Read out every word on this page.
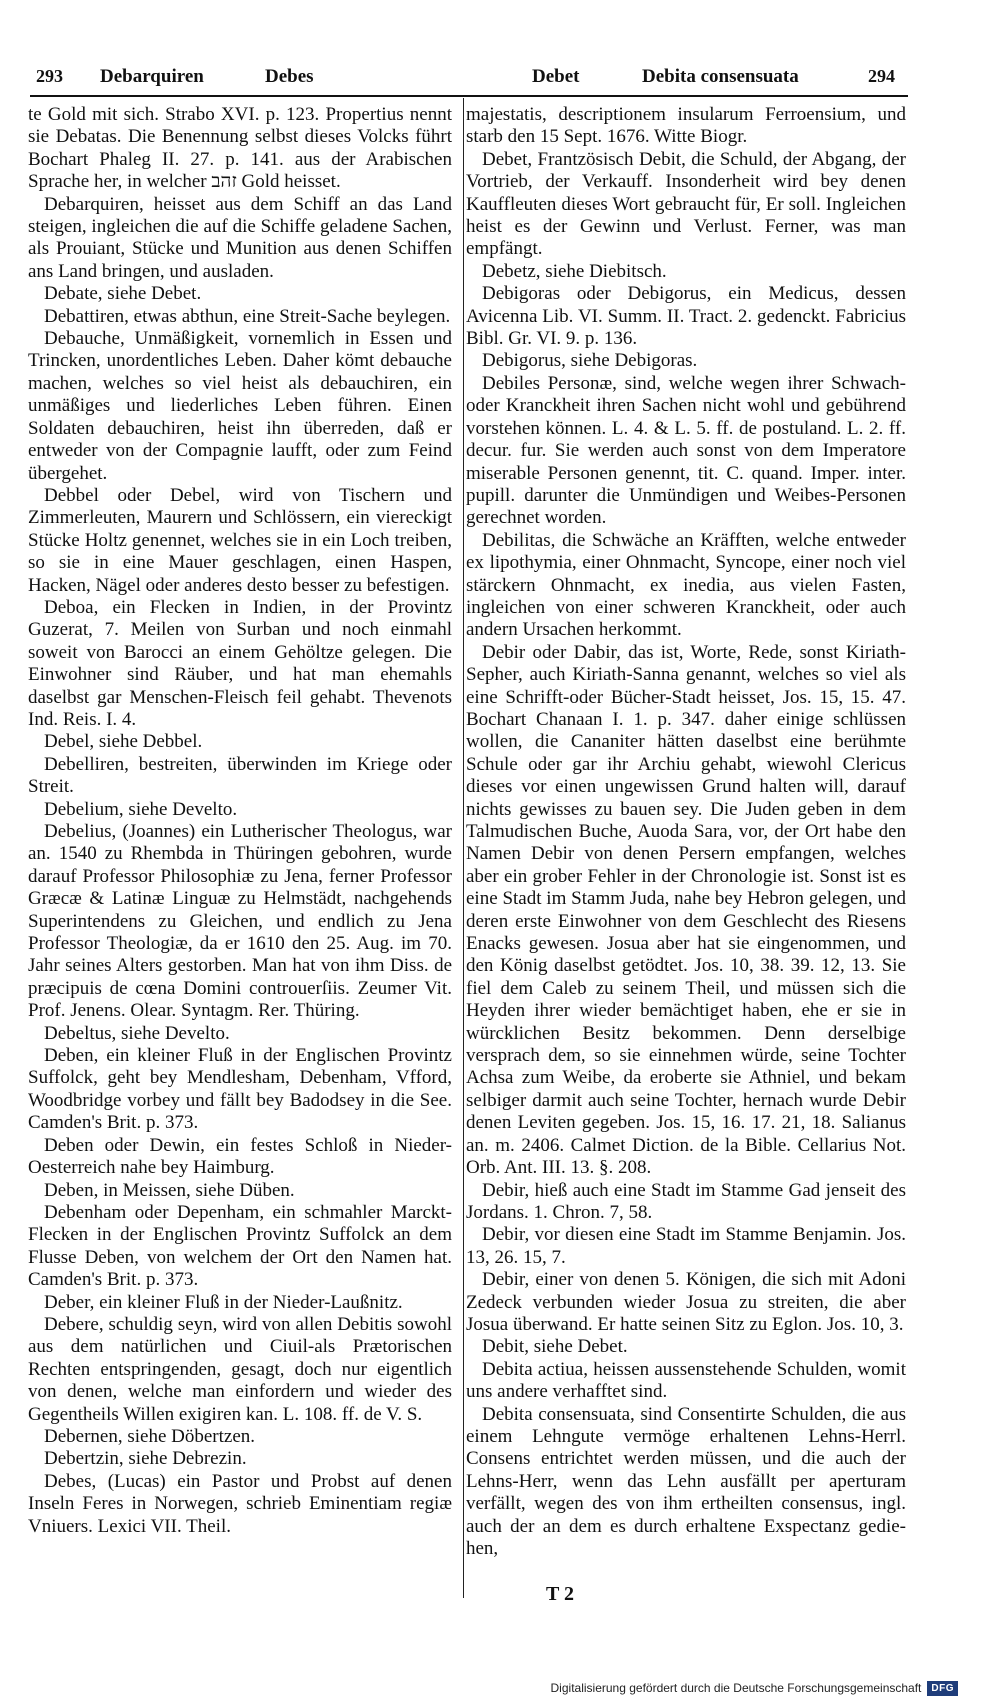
293 Debarquiren	Debes	Debet	Debita consensuata	294

te Gold mit sich. Strabo XVI. p. 123. Propertius nennt sie Debatas. Die Benennung selbst dieses Volcks führt Bochart Phaleg II. 27. p. 141. aus der Arabischen Sprache her, in welcher זהב Gold heisset.

Debarquiren, heisset aus dem Schiff an das Land steigen, ingleichen die auf die Schiffe geladene Sachen, als Prouiant, Stücke und Munition aus denen Schiffen ans Land bringen, und ausladen.

Debate, siehe Debet.

Debattiren, etwas abthun, eine Streit-Sache beylegen.

Debauche, Unmäßigkeit, vornemlich in Essen und Trincken, unordentliches Leben. Daher kömt debauche machen, welches so viel heist als debauchiren, ein unmäßiges und liederliches Leben führen. Einen Soldaten debauchiren, heist ihn überreden, daß er entweder von der Compagnie laufft, oder zum Feind übergehet.

Debbel oder Debel, wird von Tischern und Zimmerleuten, Maurern und Schlössern, ein viereckigt Stücke Holtz genennet, welches sie in ein Loch treiben, so sie in eine Mauer geschlagen, einen Haspen, Hacken, Nägel oder anderes desto besser zu befestigen.

Deboa, ein Flecken in Indien, in der Provintz Guzerat, 7. Meilen von Surban und noch einmahl soweit von Barocci an einem Gehöltze gelegen. Die Einwohner sind Räuber, und hat man ehemahls daselbst gar Menschen-Fleisch feil gehabt. Thevenots Ind. Reis. I. 4.

Debel, siehe Debbel.

Debelliren, bestreiten, überwinden im Kriege oder Streit.

Debelium, siehe Develto.

Debelius, (Joannes) ein Lutherischer Theologus, war an. 1540 zu Rhembda in Thüringen gebohren, wurde darauf Professor Philosophiæ zu Jena, ferner Professor Græcæ & Latinæ Linguæ zu Helmstädt, nachgehends Superintendens zu Gleichen, und endlich zu Jena Professor Theologiæ, da er 1610 den 25. Aug. im 70. Jahr seines Alters gestorben. Man hat von ihm Diss. de præcipuis de cœna Domini controuerſiis. Zeumer Vit. Prof. Jenens. Olear. Syntagm. Rer. Thüring.

Debeltus, siehe Develto.

Deben, ein kleiner Fluß in der Englischen Provintz Suffolck, geht bey Mendlesham, Debenham, Vfford, Woodbridge vorbey und fällt bey Badodsey in die See. Camden's Brit. p. 373.

Deben oder Dewin, ein festes Schloß in Nieder-Oesterreich nahe bey Haimburg.

Deben, in Meissen, siehe Düben.

Debenham oder Depenham, ein schmahler Marckt-Flecken in der Englischen Provintz Suffolck an dem Flusse Deben, von welchem der Ort den Namen hat. Camden's Brit. p. 373.

Deber, ein kleiner Fluß in der Nieder-Laußnitz.

Debere, schuldig seyn, wird von allen Debitis sowohl aus dem natürlichen und Ciuil-als Prætorischen Rechten entspringenden, gesagt, doch nur eigentlich von denen, welche man einfordern und wieder des Gegentheils Willen exigiren kan. L. 108. ff. de V. S.

Debernen, siehe Döbertzen.

Debertzin, siehe Debrezin.

Debes, (Lucas) ein Pastor und Probst auf denen Inseln Feres in Norwegen, schrieb Eminentiam regiæ Vniuers. Lexici VII. Theil.

majestatis, descriptionem insularum Ferroensium, und starb den 15 Sept. 1676. Witte Biogr.

Debet, Frantzösisch Debit, die Schuld, der Abgang, der Vortrieb, der Verkauff. Insonderheit wird bey denen Kauffleuten dieses Wort gebraucht für, Er soll. Ingleichen heist es der Gewinn und Verlust. Ferner, was man empfängt.

Debetz, siehe Diebitsch.

Debigoras oder Debigorus, ein Medicus, dessen Avicenna Lib. VI. Summ. II. Tract. 2. gedenckt. Fabricius Bibl. Gr. VI. 9. p. 136.

Debigorus, siehe Debigoras.

Debiles Personæ, sind, welche wegen ihrer Schwach-oder Kranckheit ihren Sachen nicht wohl und gebührend vorstehen können. L. 4. & L. 5. ff. de postuland. L. 2. ff. decur. fur. Sie werden auch sonst von dem Imperatore miserable Personen genennt, tit. C. quand. Imper. inter. pupill. darunter die Unmündigen und Weibes-Personen gerechnet worden.

Debilitas, die Schwäche an Kräfften, welche entweder ex lipothymia, einer Ohnmacht, Syncope, einer noch viel stärckern Ohnmacht, ex inedia, aus vielen Fasten, ingleichen von einer schweren Kranckheit, oder auch andern Ursachen herkommt.

Debir oder Dabir, das ist, Worte, Rede, sonst Kiriath-Sepher, auch Kiriath-Sanna genannt, welches so viel als eine Schrifft-oder Bücher-Stadt heisset, Jos. 15, 15. 47. Bochart Chanaan I. 1. p. 347. daher einige schlüssen wollen, die Cananiter hätten daselbst eine berühmte Schule oder gar ihr Archiu gehabt, wiewohl Clericus dieses vor einen ungewissen Grund halten will, darauf nichts gewisses zu bauen sey. Die Juden geben in dem Talmudischen Buche, Auoda Sara, vor, der Ort habe den Namen Debir von denen Persern empfangen, welches aber ein grober Fehler in der Chronologie ist. Sonst ist es eine Stadt im Stamm Juda, nahe bey Hebron gelegen, und deren erste Einwohner von dem Geschlecht des Riesens Enacks gewesen. Josua aber hat sie eingenommen, und den König daselbst getödtet. Jos. 10, 38. 39. 12, 13. Sie fiel dem Caleb zu seinem Theil, und müssen sich die Heyden ihrer wieder bemächtiget haben, ehe er sie in würcklichen Besitz bekommen. Denn derselbige versprach dem, so sie einnehmen würde, seine Tochter Achsa zum Weibe, da eroberte sie Athniel, und bekam selbiger darmit auch seine Tochter, hernach wurde Debir denen Leviten gegeben. Jos. 15, 16. 17. 21, 18. Salianus an. m. 2406. Calmet Diction. de la Bible. Cellarius Not. Orb. Ant. III. 13. §. 208.

Debir, hieß auch eine Stadt im Stamme Gad jenseit des Jordans. 1. Chron. 7, 58.

Debir, vor diesen eine Stadt im Stamme Benjamin. Jos. 13, 26. 15, 7.

Debir, einer von denen 5. Königen, die sich mit Adoni Zedeck verbunden wieder Josua zu streiten, die aber Josua überwand. Er hatte seinen Sitz zu Eglon. Jos. 10, 3.

Debit, siehe Debet.

Debita actiua, heissen aussenstehende Schulden, womit uns andere verhafftet sind.

Debita consensuata, sind Consentirte Schulden, die aus einem Lehngute vermöge erhaltenen Lehns-Herrl. Consens entrichtet werden müssen, und die auch der Lehns-Herr, wenn das Lehn ausfällt per aperturam verfällt, wegen des von ihm ertheilten consensus, ingl. auch der an dem es durch erhaltene Exspectanz gedie-hen,

T 2
Digitalisierung gefördert durch die Deutsche Forschungsgemeinschaft	DFG
